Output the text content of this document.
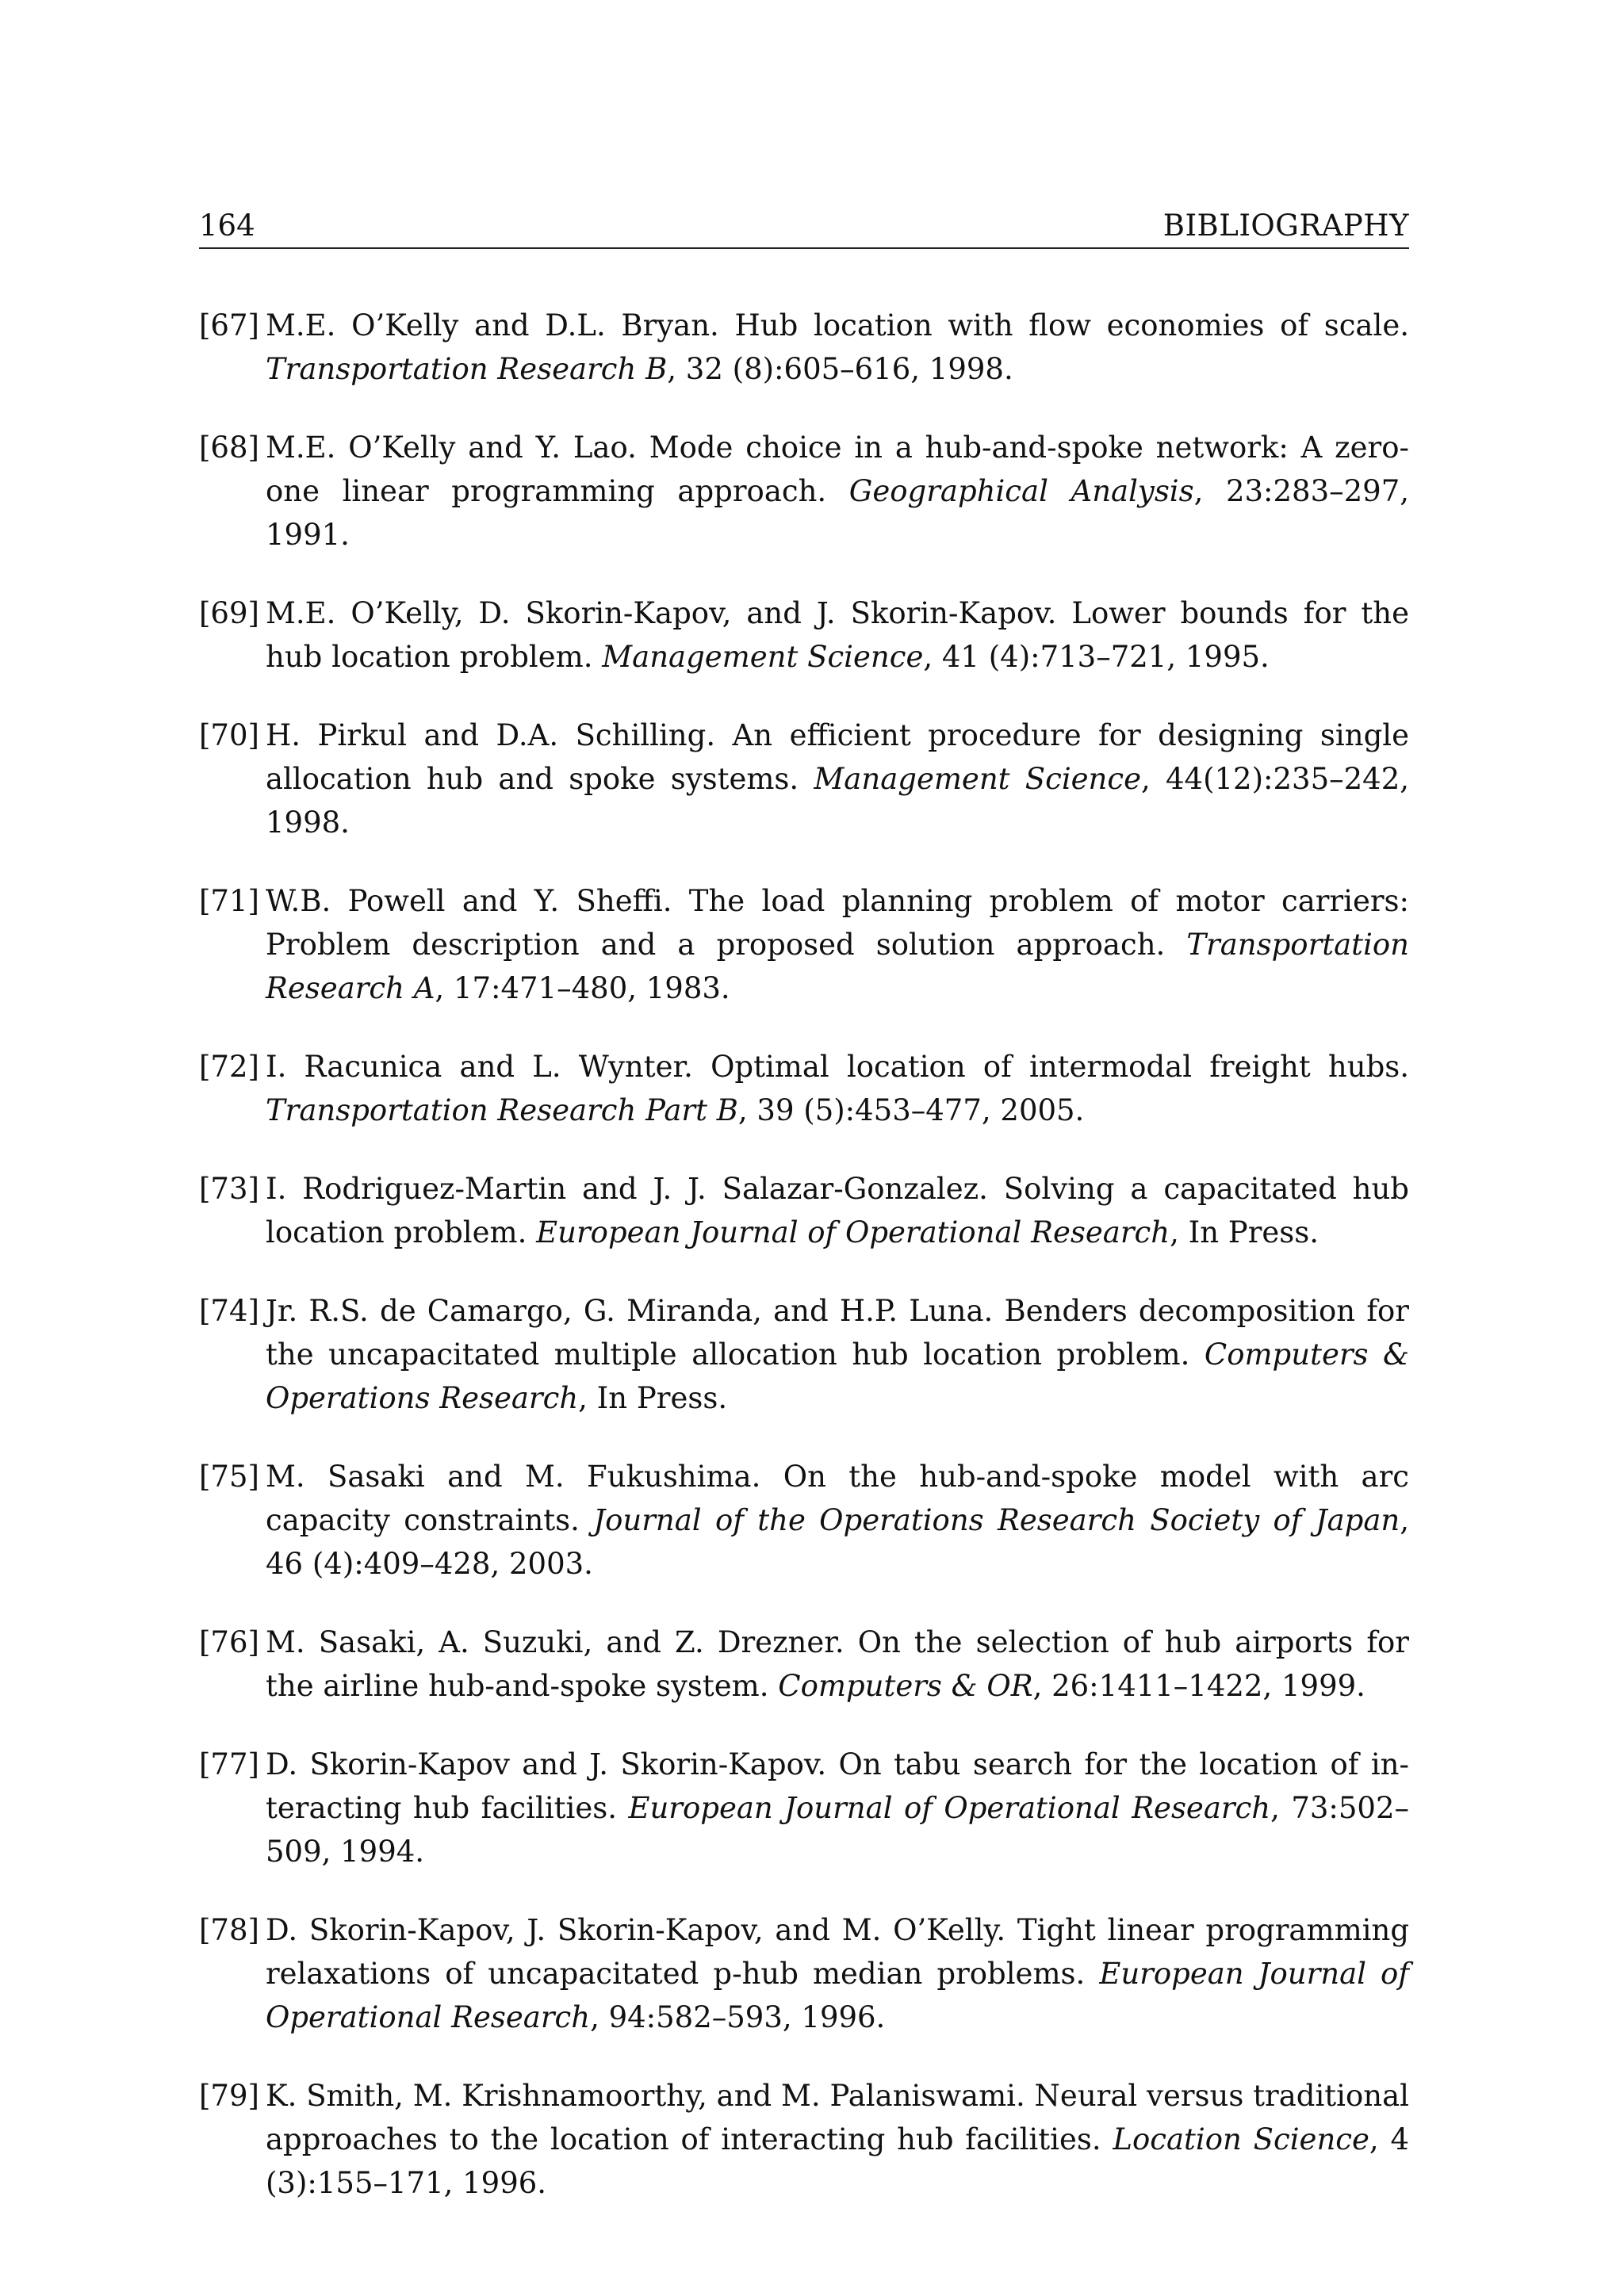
164	BIBLIOGRAPHY
[67] M.E. O’Kelly and D.L. Bryan. Hub location with flow economies of scale. Transportation Research B, 32 (8):605–616, 1998.
[68] M.E. O’Kelly and Y. Lao. Mode choice in a hub-and-spoke network: A zero-one linear programming approach. Geographical Analysis, 23:283–297, 1991.
[69] M.E. O’Kelly, D. Skorin-Kapov, and J. Skorin-Kapov. Lower bounds for the hub location problem. Management Science, 41 (4):713–721, 1995.
[70] H. Pirkul and D.A. Schilling. An efficient procedure for designing single allocation hub and spoke systems. Management Science, 44(12):235–242, 1998.
[71] W.B. Powell and Y. Sheffi. The load planning problem of motor carriers: Problem description and a proposed solution approach. Transportation Research A, 17:471–480, 1983.
[72] I. Racunica and L. Wynter. Optimal location of intermodal freight hubs. Transportation Research Part B, 39 (5):453–477, 2005.
[73] I. Rodriguez-Martin and J. J. Salazar-Gonzalez. Solving a capacitated hub location problem. European Journal of Operational Research, In Press.
[74] Jr. R.S. de Camargo, G. Miranda, and H.P. Luna. Benders decomposition for the uncapacitated multiple allocation hub location problem. Computers & Operations Research, In Press.
[75] M. Sasaki and M. Fukushima. On the hub-and-spoke model with arc capacity constraints. Journal of the Operations Research Society of Japan, 46 (4):409–428, 2003.
[76] M. Sasaki, A. Suzuki, and Z. Drezner. On the selection of hub airports for the airline hub-and-spoke system. Computers & OR, 26:1411–1422, 1999.
[77] D. Skorin-Kapov and J. Skorin-Kapov. On tabu search for the location of interacting hub facilities. European Journal of Operational Research, 73:502–509, 1994.
[78] D. Skorin-Kapov, J. Skorin-Kapov, and M. O’Kelly. Tight linear programming relaxations of uncapacitated p-hub median problems. European Journal of Operational Research, 94:582–593, 1996.
[79] K. Smith, M. Krishnamoorthy, and M. Palaniswami. Neural versus traditional approaches to the location of interacting hub facilities. Location Science, 4 (3):155–171, 1996.
